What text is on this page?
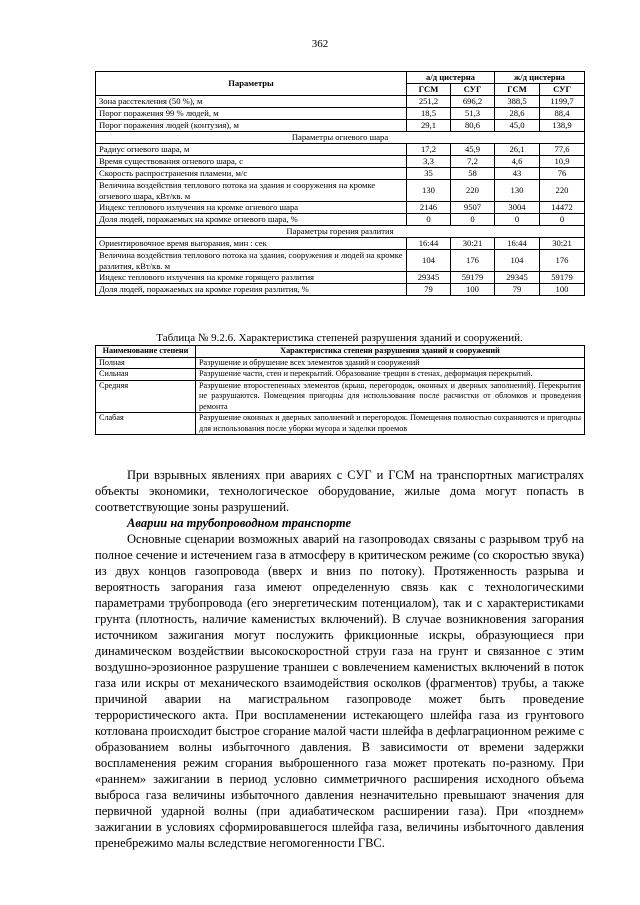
362
Параметры	а/д цистерна		ж/д цистерна	
	ГСМ	СУГ	ГСМ	СУГ
Зона расстекления (50 %), м	251,2	696,2	388,5	1199,7
Порог поражения 99 % людей, м	18,5	51,3	28,6	88,4
Порог поражения людей (контузия), м	29,1	80,6	45,0	138,9
Параметры огневого шара				
Радиус огневого шара, м	17,2	45,9	26,1	77,6
Время существования огневого шара, с	3,3	7,2	4,6	10,9
Скорость распространения пламени, м/с	35	58	43	76
Величина воздействия теплового потока на здания и сооружения на кромке огневого шара, кВт/кв. м	130	220	130	220
Индекс теплового излучения на кромке огневого шара	2146	9507	3004	14472
Доля людей, поражаемых на кромке огневого шара, %	0	0	0	0
Параметры горения разлития				
Ориентировочное время выгорания, мин : сек	16:44	30:21	16:44	30:21
Величина воздействия теплового потока на здания, сооружения и людей на кромке разлития, кВт/кв. м	104	176	104	176
Индекс теплового излучения на кромке горящего разлития	29345	59179	29345	59179
Доля людей, поражаемых на кромке горения разлития, %	79	100	79	100
Таблица № 9.2.6. Характеристика степеней разрушения зданий и сооружений.
Наименование степени	Характеристика степени разрушения зданий и сооружений
Полная	Разрушение и обрушение всех элементов зданий и сооружений
Сильная	Разрушение части, стен и перекрытий. Образование трещин в стенах, деформация перекрытий.
Средняя	Разрушение второстепенных элементов (крыш, перегородок, оконных и дверных заполнений). Перекрытия не разрушаются. Помещения пригодны для использования после расчистки от обломков и проведения ремонта
Слабая	Разрушение оконных и дверных заполнений и перегородок. Помещения полностью сохраняются и пригодны для использования после уборки мусора и заделки проемов

При взрывных явлениях при авариях с СУГ и ГСМ на транспортных магистралях объекты экономики, технологическое оборудование, жилые дома могут попасть в соответствующие зоны разрушений.

Аварии на трубопроводном транспорте

Основные сценарии возможных аварий на газопроводах связаны с разрывом труб на полное сечение и истечением газа в атмосферу в критическом режиме (со скоростью звука) из двух концов газопровода (вверх и вниз по потоку). Протяженность разрыва и вероятность загорания газа имеют определенную связь как с технологическими параметрами трубопровода (его энергетическим потенциалом), так и с характеристиками грунта (плотность, наличие каменистых включений). В случае возникновения загорания источником зажигания могут послужить фрикционные искры, образующиеся при динамическом воздействии высокоскоростной струи газа на грунт и связанное с этим воздушно-эрозионное разрушение траншеи с вовлечением каменистых включений в поток газа или искры от механического взаимодействия осколков (фрагментов) трубы, а также причиной аварии на магистральном газопроводе может быть проведение террористического акта. При воспламенении истекающего шлейфа газа из грунтового котлована происходит быстрое сгорание малой части шлейфа в дефлаграционном режиме с образованием волны избыточного давления. В зависимости от времени задержки воспламенения режим сгорания выброшенного газа может протекать по-разному. При «раннем» зажигании в период условно симметричного расширения исходного объема выброса газа величины избыточного давления незначительно превышают значения для первичной ударной волны (при адиабатическом расширении газа). При «позднем» зажигании в условиях сформировавшегося шлейфа газа, величины избыточного давления пренебрежимо малы вследствие негомогенности ГВС.
